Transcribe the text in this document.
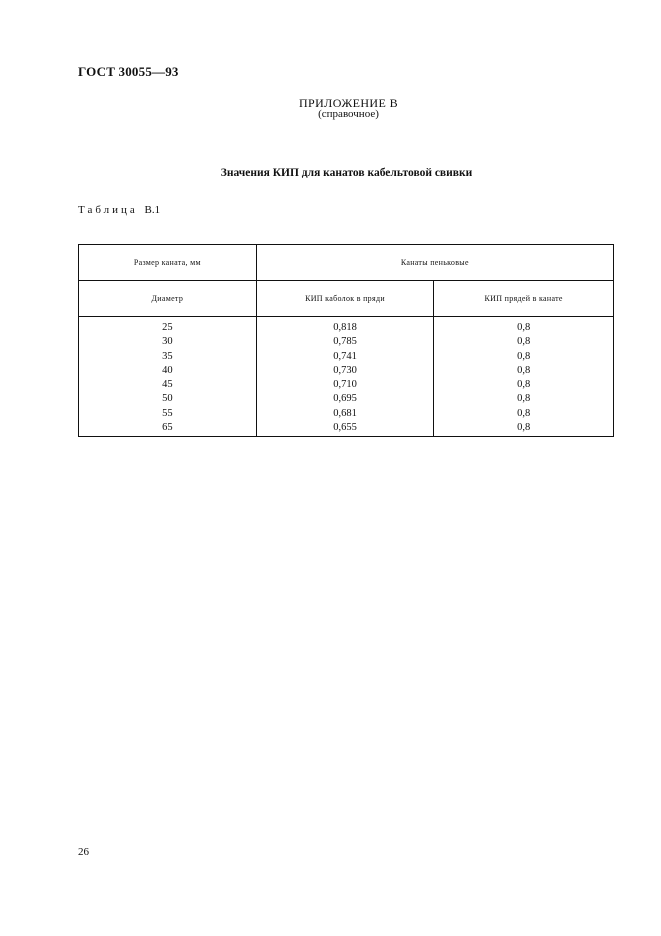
ГОСТ 30055—93
ПРИЛОЖЕНИЕ В
(справочное)
Значения КИП для канатов кабельтовой свивки
Таблица В.1
Размер каната, мм	Канаты пеньковые	
Диаметр	КИП каболок в пряди	КИП прядей в канате
25	0,818	0,8
30	0,785	0,8
35	0,741	0,8
40	0,730	0,8
45	0,710	0,8
50	0,695	0,8
55	0,681	0,8
65	0,655	0,8
26
